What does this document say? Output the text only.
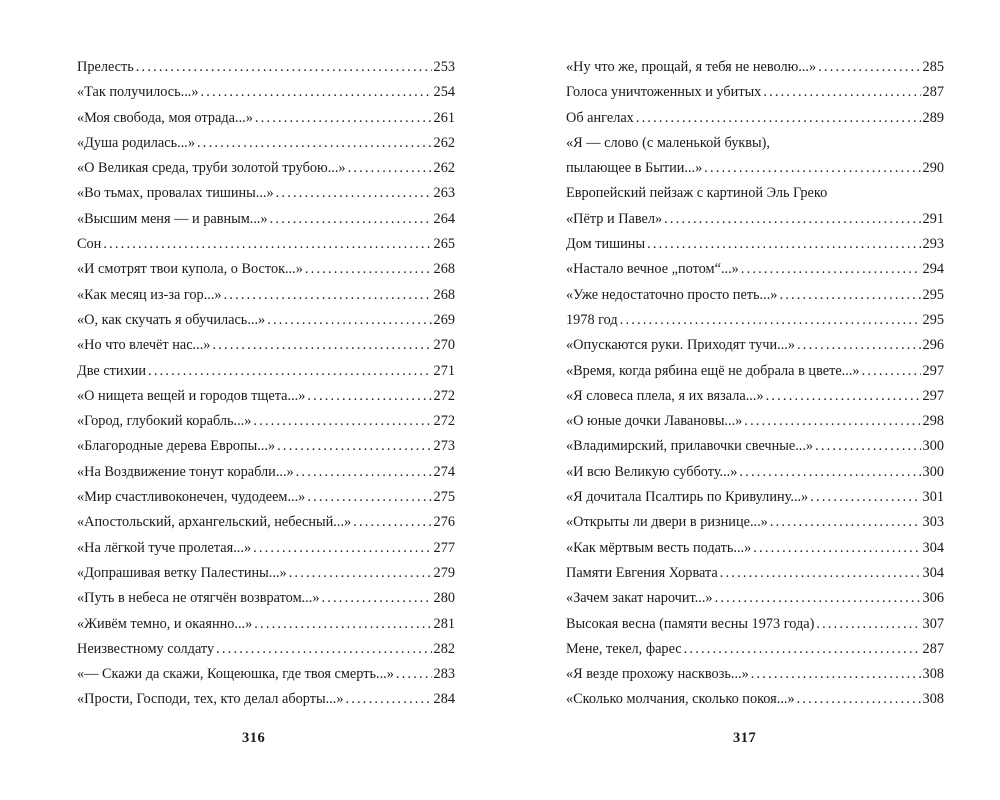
Прелесть .....	253
«Так получилось...» .....	254
«Моя свобода, моя отрада...» .....	261
«Душа родилась...» .....	262
«О Великая среда, труби золотой трубою...» .....	262
«Во тьмах, провалах тишины...» .....	263
«Высшим меня — и равным...» .....	264
Сон .....	265
«И смотрят твои купола, о Восток...» .....	268
«Как месяц из-за гор...» .....	268
«О, как скучать я обучилась...» .....	269
«Но что влечёт нас...» .....	270
Две стихии .....	271
«О нищета вещей и городов тщета...» .....	272
«Город, глубокий корабль...» .....	272
«Благородные дерева Европы...» .....	273
«На Воздвижение тонут корабли...» .....	274
«Мир счастливоконечен, чудодеем...» .....	275
«Апостольский, архангельский, небесный...» .....	276
«На лёгкой туче пролетая...» .....	277
«Допрашивая ветку Палестины...» .....	279
«Путь в небеса не отягчён возвратом...» .....	280
«Живём темно, и окаянно...» .....	281
Неизвестному солдату .....	282
«— Скажи да скажи, Кощеюшка, где твоя смерть...» .....	283
«Прости, Господи, тех, кто делал аборты...» .....	284
316
«Ну что же, прощай, я тебя не неволю...» .....	285
Голоса уничтоженных и убитых .....	287
Об ангелах .....	289
«Я — слово (с маленькой буквы),
пылающее в Бытии...» .....	290
Европейский пейзаж с картиной Эль Греко
«Пётр и Павел» .....	291
Дом тишины .....	293
«Настало вечное „потом“...» .....	294
«Уже недостаточно просто петь...» .....	295
1978 год .....	295
«Опускаются руки. Приходят тучи...» .....	296
«Время, когда рябина ещё не добрала в цвете...» .....	297
«Я словеса плела, я их вязала...» .....	297
«О юные дочки Лавановы...» .....	298
«Владимирский, прилавочки свечные...» .....	300
«И всю Великую субботу...» .....	300
«Я дочитала Псалтирь по Кривулину...» .....	301
«Открыты ли двери в ризнице...» .....	303
«Как мёртвым весть подать...» .....	304
Памяти Евгения Хорвата .....	304
«Зачем закат нарочит...» .....	306
Высокая весна (памяти весны 1973 года) .....	307
Мене, текел, фарес .....	287
«Я везде прохожу насквозь...» .....	308
«Сколько молчания, сколько покоя...» .....	308
317
